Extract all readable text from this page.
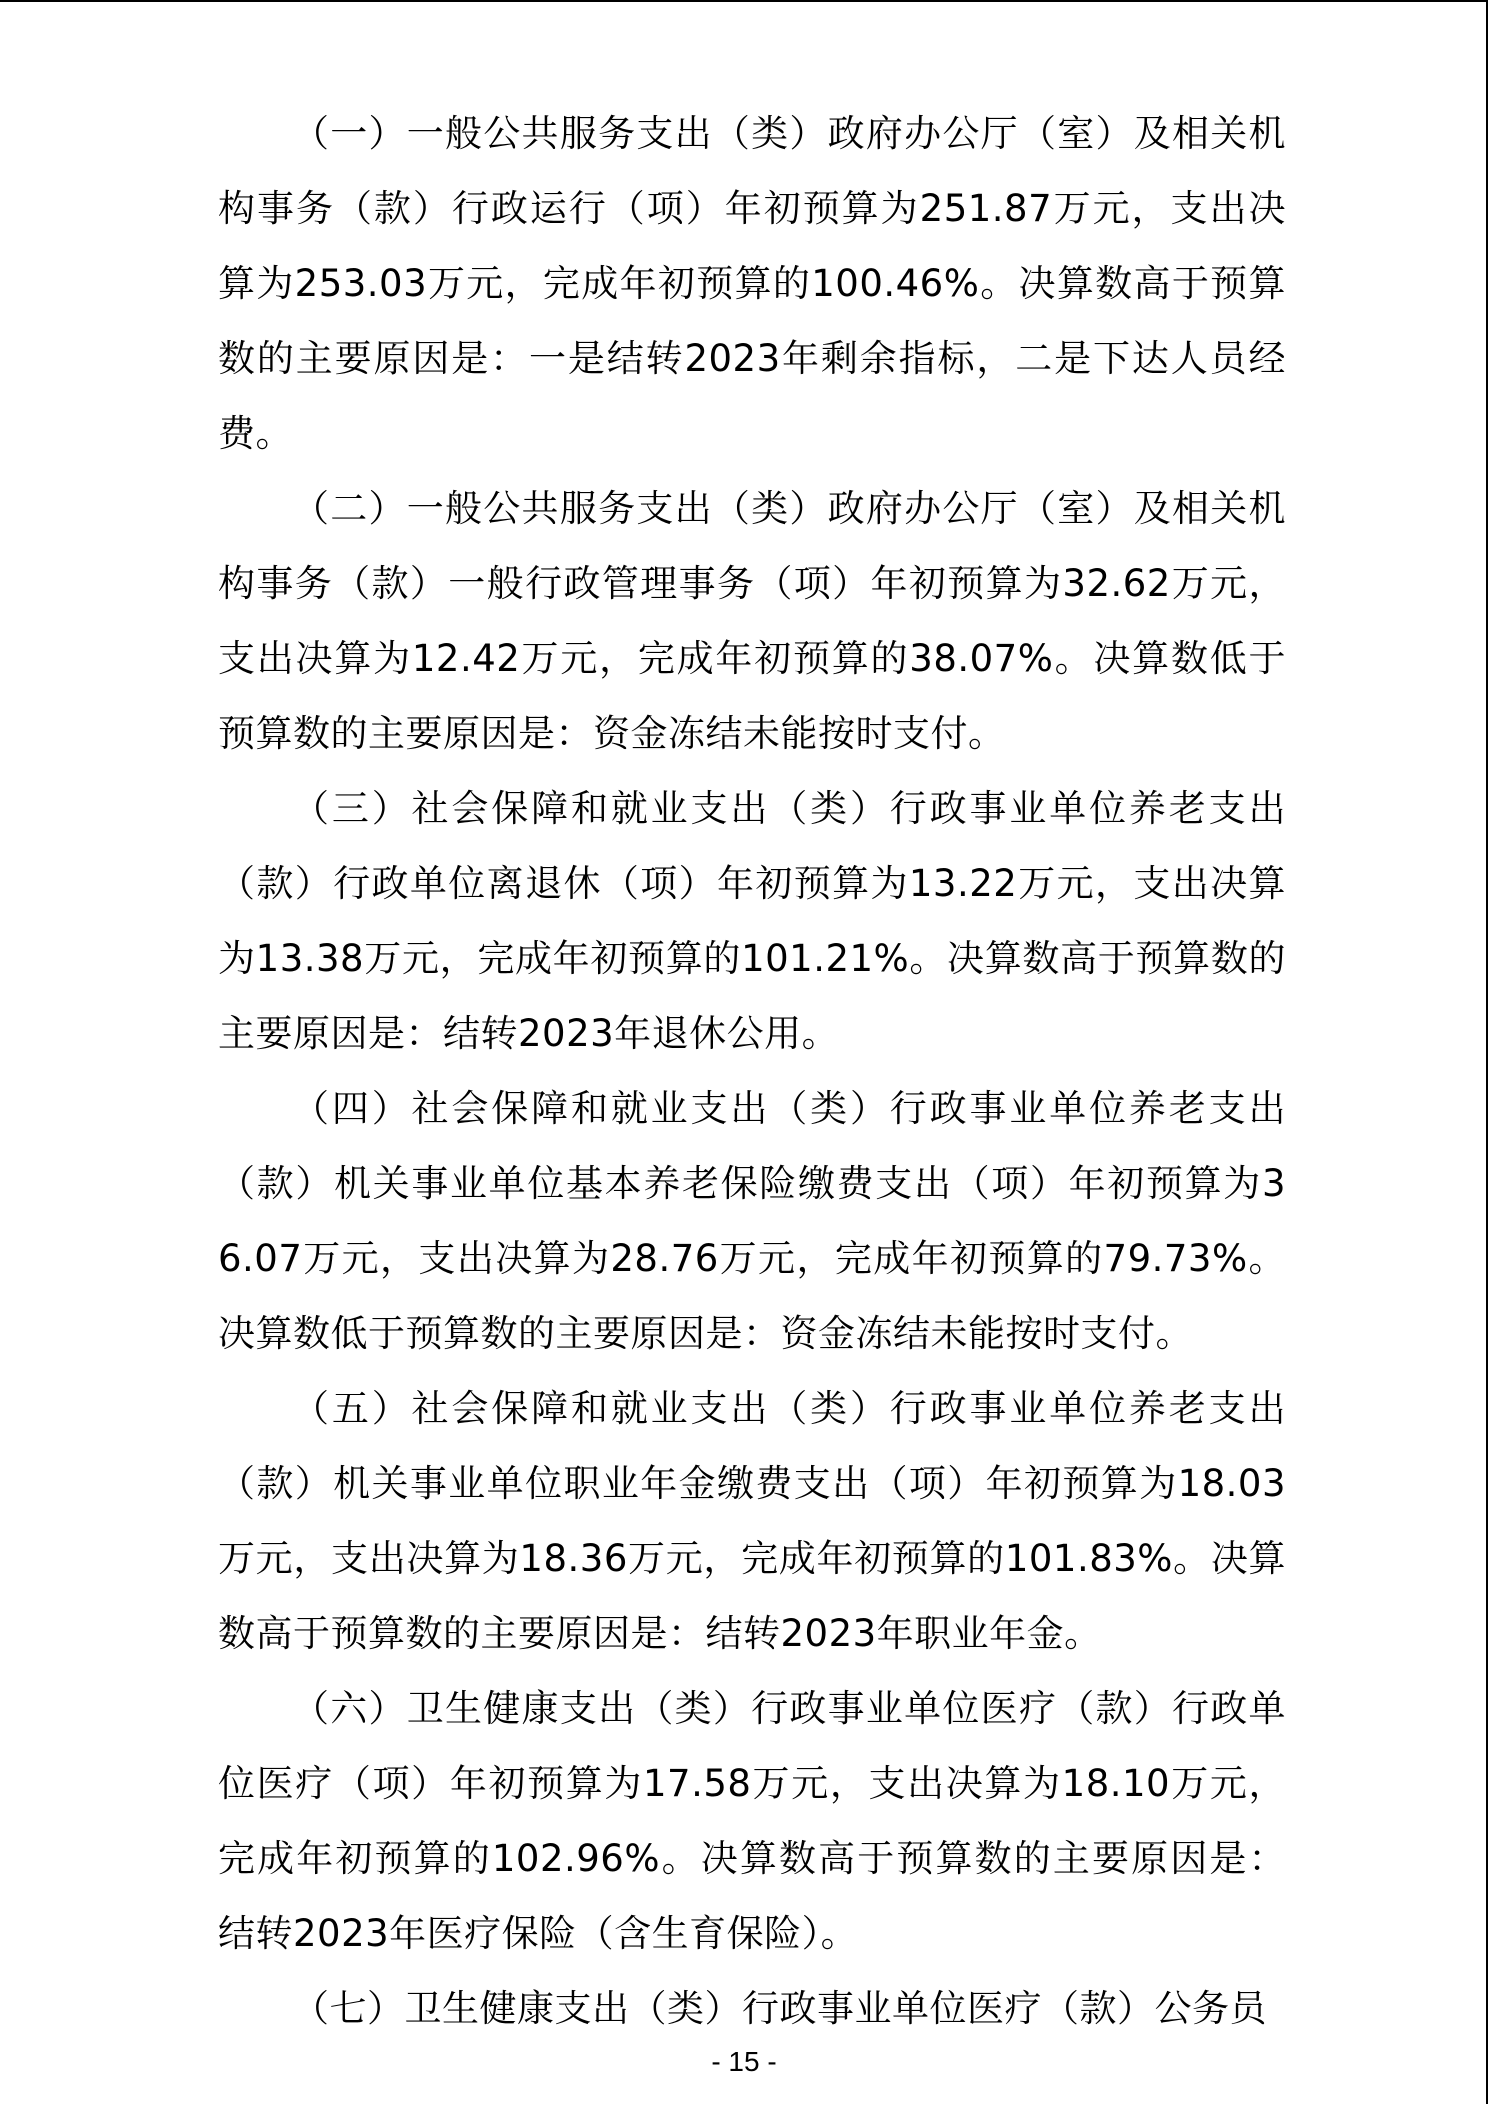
（一）一般公共服务支出（类）政府办公厅（室）及相关机构事务（款）行政运行（项）年初预算为251.87万元，支出决算为253.03万元，完成年初预算的100.46%。决算数高于预算数的主要原因是：一是结转2023年剩余指标，二是下达人员经费。

（二）一般公共服务支出（类）政府办公厅（室）及相关机构事务（款）一般行政管理事务（项）年初预算为32.62万元，支出决算为12.42万元，完成年初预算的38.07%。决算数低于预算数的主要原因是：资金冻结未能按时支付。

（三）社会保障和就业支出（类）行政事业单位养老支出（款）行政单位离退休（项）年初预算为13.22万元，支出决算为13.38万元，完成年初预算的101.21%。决算数高于预算数的主要原因是：结转2023年退休公用。

（四）社会保障和就业支出（类）行政事业单位养老支出（款）机关事业单位基本养老保险缴费支出（项）年初预算为36.07万元，支出决算为28.76万元，完成年初预算的79.73%。决算数低于预算数的主要原因是：资金冻结未能按时支付。

（五）社会保障和就业支出（类）行政事业单位养老支出（款）机关事业单位职业年金缴费支出（项）年初预算为18.03万元，支出决算为18.36万元，完成年初预算的101.83%。决算数高于预算数的主要原因是：结转2023年职业年金。

（六）卫生健康支出（类）行政事业单位医疗（款）行政单位医疗（项）年初预算为17.58万元，支出决算为18.10万元，完成年初预算的102.96%。决算数高于预算数的主要原因是：结转2023年医疗保险（含生育保险）。

（七）卫生健康支出（类）行政事业单位医疗（款）公务员

- 15 -
